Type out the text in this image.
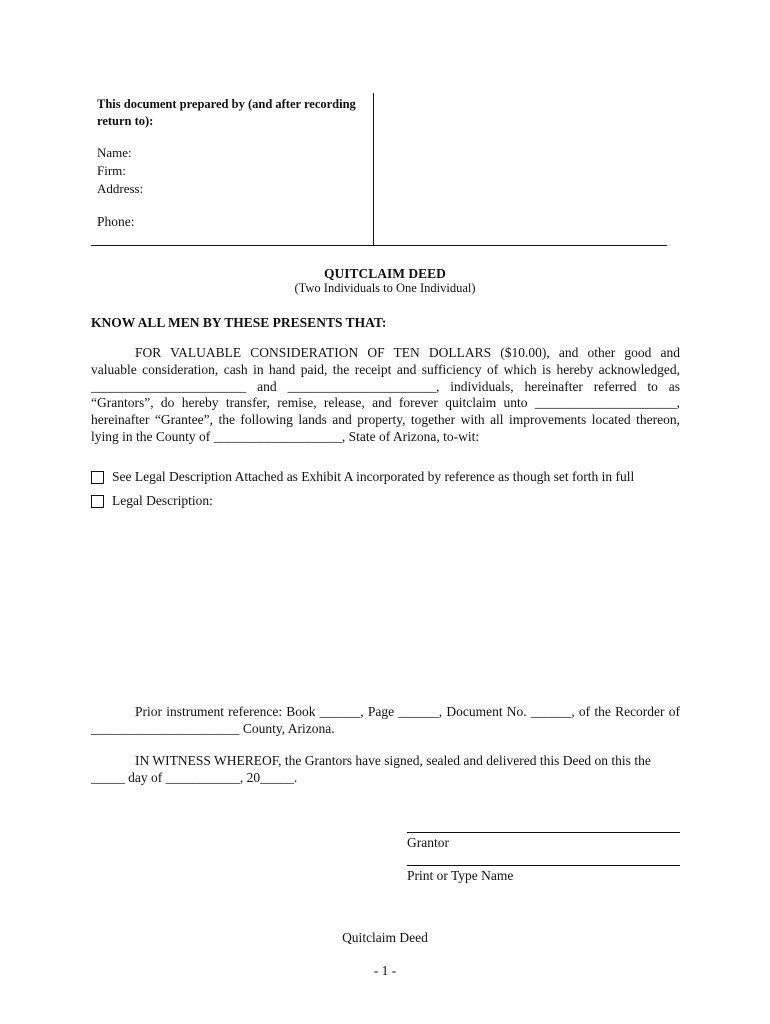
This document prepared by (and after recording return to):
Name:
Firm:
Address:
Phone:
QUITCLAIM DEED
(Two Individuals to One Individual)
KNOW ALL MEN BY THESE PRESENTS THAT:
FOR VALUABLE CONSIDERATION OF TEN DOLLARS ($10.00), and other good and
valuable consideration, cash in hand paid, the receipt and sufficiency of which is hereby acknowledged,
_______________________ and ______________________, individuals, hereinafter referred to as
“Grantors”, do hereby transfer, remise, release, and forever quitclaim unto _____________________,
hereinafter “Grantee”, the following lands and property, together with all improvements located thereon,
lying in the County of ___________________, State of Arizona, to-wit:
See Legal Description Attached as Exhibit A incorporated by reference as though set forth in full
Legal Description:
Prior instrument reference: Book ______, Page ______, Document No. ______, of the Recorder of
______________________ County, Arizona.
IN WITNESS WHEREOF, the Grantors have signed, sealed and delivered this Deed on this the
_____ day of ___________, 20_____.
Grantor
Print or Type Name
Quitclaim Deed
- 1 -
